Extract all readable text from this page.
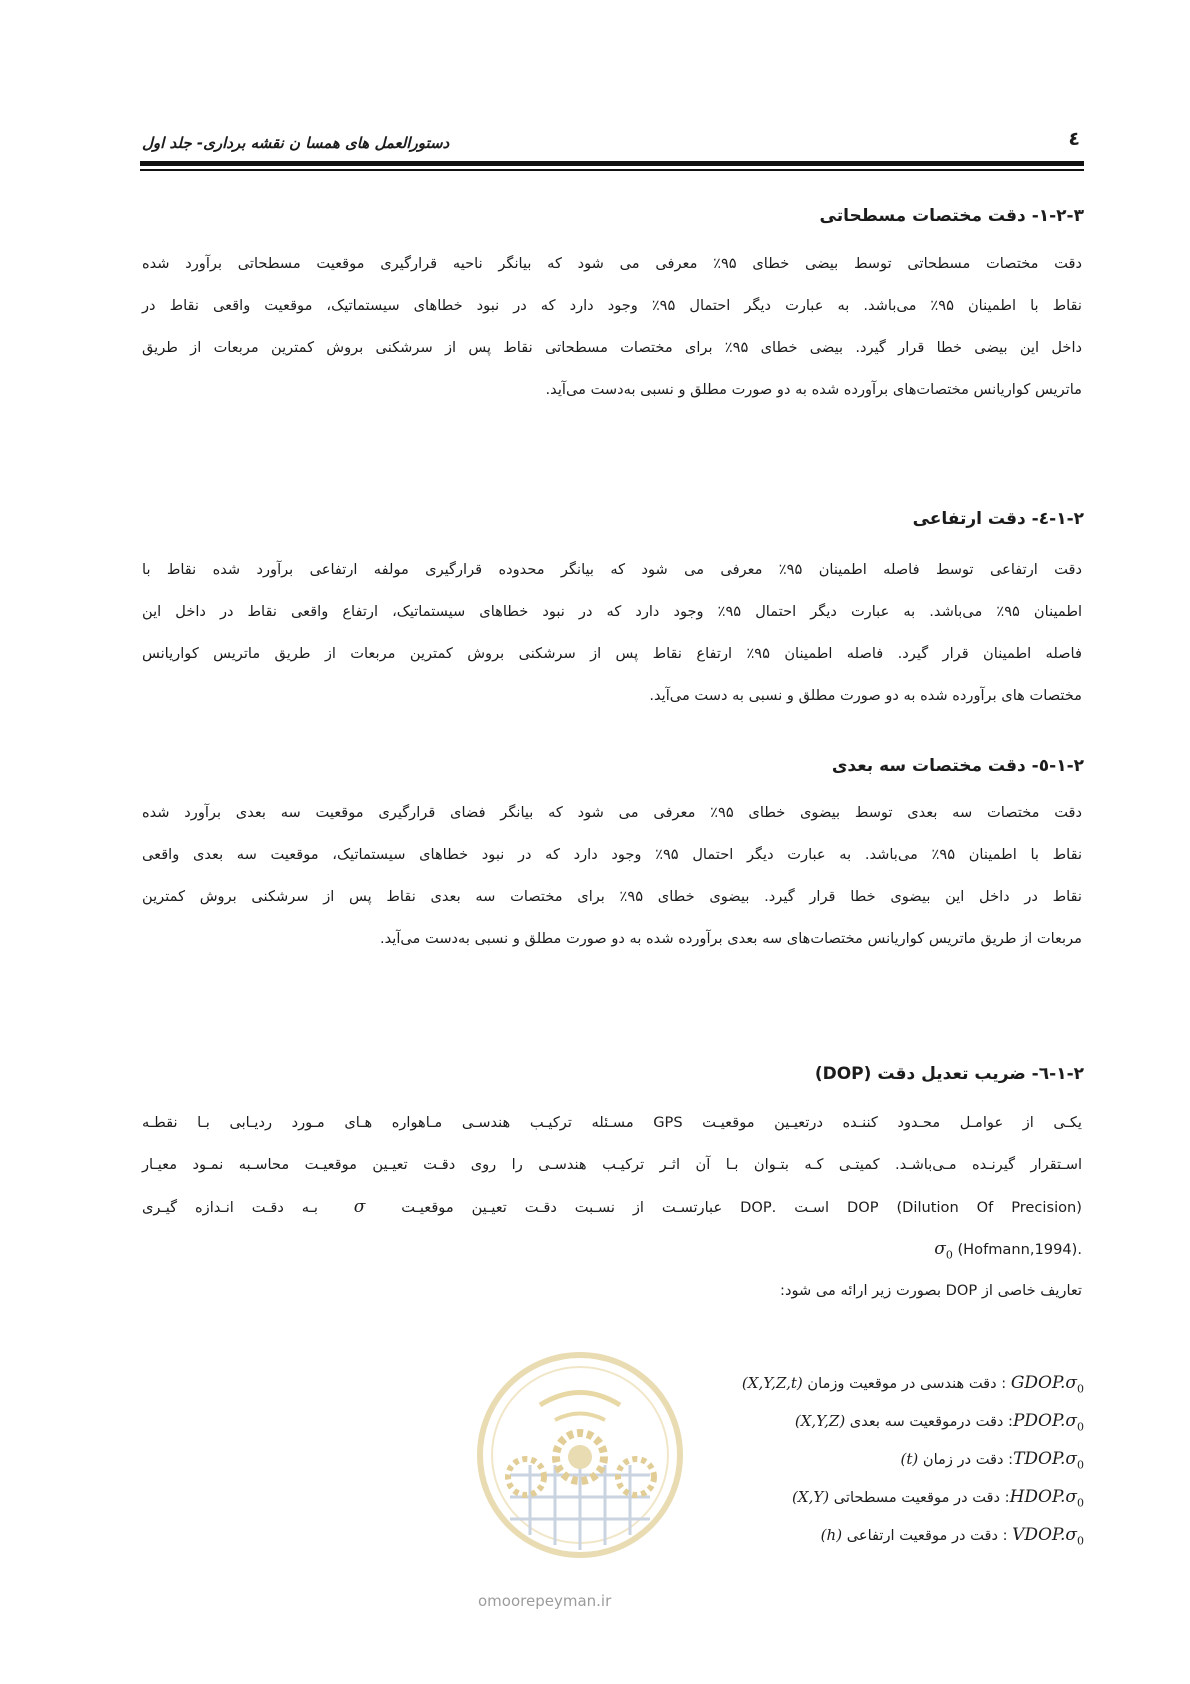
دستورالعمل های همسا ن نقشه برداری- جلد اول	٤
۱-۲-۳- دقت مختصات مسطحاتی
دقت مختصات مسطحاتی توسط بیضی خطای ۹۵٪ معرفی می شود که بیانگر ناحیه قرارگیری موقعیت مسطحاتی برآورد شده
نقاط با اطمینان ۹۵٪ می‌باشد. به عبارت دیگر احتمال ۹۵٪ وجود دارد که در نبود خطاهای سیستماتیک، موقعیت واقعی نقاط در
داخل این بیضی خطا قرار گیرد. بیضی خطای ۹۵٪ برای مختصات مسطحاتی نقاط پس از سرشکنی بروش کمترین مربعات از طریق
ماتریس کواریانس مختصات‌های برآورده شده به دو صورت مطلق و نسبی به‌دست می‌آید.
۱-۲-٤- دقت ارتفاعی
دقت ارتفاعی توسط فاصله اطمینان ۹۵٪ معرفی می شود که بیانگر محدوده قرارگیری مولفه ارتفاعی برآورد شده نقاط با
اطمینان ۹۵٪ می‌باشد. به عبارت دیگر احتمال ۹۵٪ وجود دارد که در نبود خطاهای سیستماتیک، ارتفاع واقعی نقاط در داخل این
فاصله اطمینان قرار گیرد. فاصله اطمینان ۹۵٪ ارتفاع نقاط پس از سرشکنی بروش کمترین مربعات از طریق ماتریس کواریانس
مختصات های برآورده شده به دو صورت مطلق و نسبی به دست می‌آید.
۱-۲-٥- دقت مختصات سه بعدی
دقت مختصات سه بعدی توسط بیضوی خطای ۹۵٪ معرفی می شود که بیانگر فضای قرارگیری موقعیت سه بعدی برآورد شده
نقاط با اطمینان ۹۵٪ می‌باشد. به عبارت دیگر احتمال ۹۵٪ وجود دارد که در نبود خطاهای سیستماتیک، موقعیت سه بعدی واقعی
نقاط در داخل این بیضوی خطا قرار گیرد. بیضوی خطای ۹۵٪ برای مختصات سه بعدی نقاط پس از سرشکنی بروش کمترین
مربعات از طریق ماتریس کواریانس مختصات‌های سه بعدی برآورده شده به دو صورت مطلق و نسبی به‌دست می‌آید.
۱-۲-٦- ضریب تعدیل دقت (DOP)
یکـی از عوامـل محـدود کننـده درتعیـین موقعیـت GPS مسـئله ترکیـب هندسـی مـاهواره هـای مـورد ردیـابی بـا نقطـه
اسـتقرار گیرنـده مـی‌باشـد. کمیتـی کـه بتـوان بـا آن اثـر ترکیـب هندسـی را روی دقـت تعیـین موقعیـت محاسـبه نمـود معیـار
DOP (Dilution Of Precision) اسـت .DOP عبارتسـت از نسـبت دقـت تعیـین موقعیـت  σ  بـه دقـت انـدازه گیـری
.(Hofmann,1994) $\sigma_0$
تعاریف خاصی از DOP بصورت زیر ارائه می شود:
$GDOP.\sigma_0$ : دقت هندسی در موقعیت وزمان (X,Y,Z,t)
$PDOP.\sigma_0$: دقت درموقعیت سه بعدی (X,Y,Z)
$TDOP.\sigma_0$: دقت در زمان (t)
$HDOP.\sigma_0$: دقت در موقعیت مسطحاتی (X,Y)
$VDOP.\sigma_0$ : دقت در موقعیت ارتفاعی (h)
omoorepeyman.ir
